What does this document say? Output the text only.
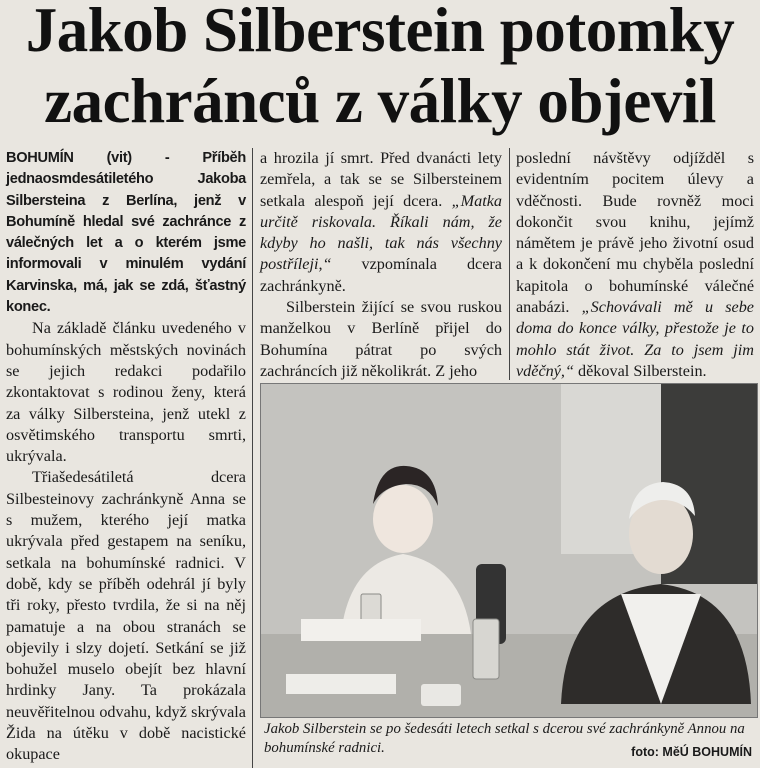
Jakob Silberstein potomky
zachránců z války objevil

BOHUMÍN (vit) - Příběh jednaosmdesátiletého Jakoba Silbersteina z Berlína, jenž v Bohumíně hledal své zachránce z válečných let a o kterém jsme informovali v minulém vydání Karvinska, má, jak se zdá, šťastný konec.

Na základě článku uvedeného v bohumínských městských novinách se jejich redakci podařilo zkontaktovat s rodinou ženy, která za války Silbersteina, jenž utekl z osvětimského transportu smrti, ukrývala.

Třiašedesátiletá dcera Silbesteinovy zachránkyně Anna se s mužem, kterého její matka ukrývala před gestapem na seníku, setkala na bohumínské radnici. V době, kdy se příběh odehrál jí byly tři roky, přesto tvrdila, že si na něj pamatuje a na obou stranách se objevily i slzy dojetí. Setkání se již bohužel muselo obejít bez hlavní hrdinky Jany. Ta prokázala neuvěřitelnou odvahu, když skrývala Žida na útěku v době nacistické okupace

a hrozila jí smrt. Před dvanácti lety zemřela, a tak se se Silbersteinem setkala alespoň její dcera. „Matka určitě riskovala. Říkali nám, že kdyby ho našli, tak nás všechny postříleji,“ vzpomínala dcera zachránkyně.

Silberstein žijící se svou ruskou manželkou v Berlíně přijel do Bohumína pátrat po svých zachráncích již několikrát. Z jeho

poslední návštěvy odjížděl s evidentním pocitem úlevy a vděčnosti. Bude rovněž moci dokončit svou knihu, jejímž námětem je právě jeho životní osud a k dokončení mu chyběla poslední kapitola o bohumínské válečné anabázi. „Schovávali mě u sebe doma do konce války, přestože je to mohlo stát život. Za to jsem jim vděčný,“ děkoval Silberstein.

Jakob Silberstein se po šedesáti letech setkal s dcerou své zachránkyně Annou na bohumínské radnici.	foto: MěÚ BOHUMÍN
